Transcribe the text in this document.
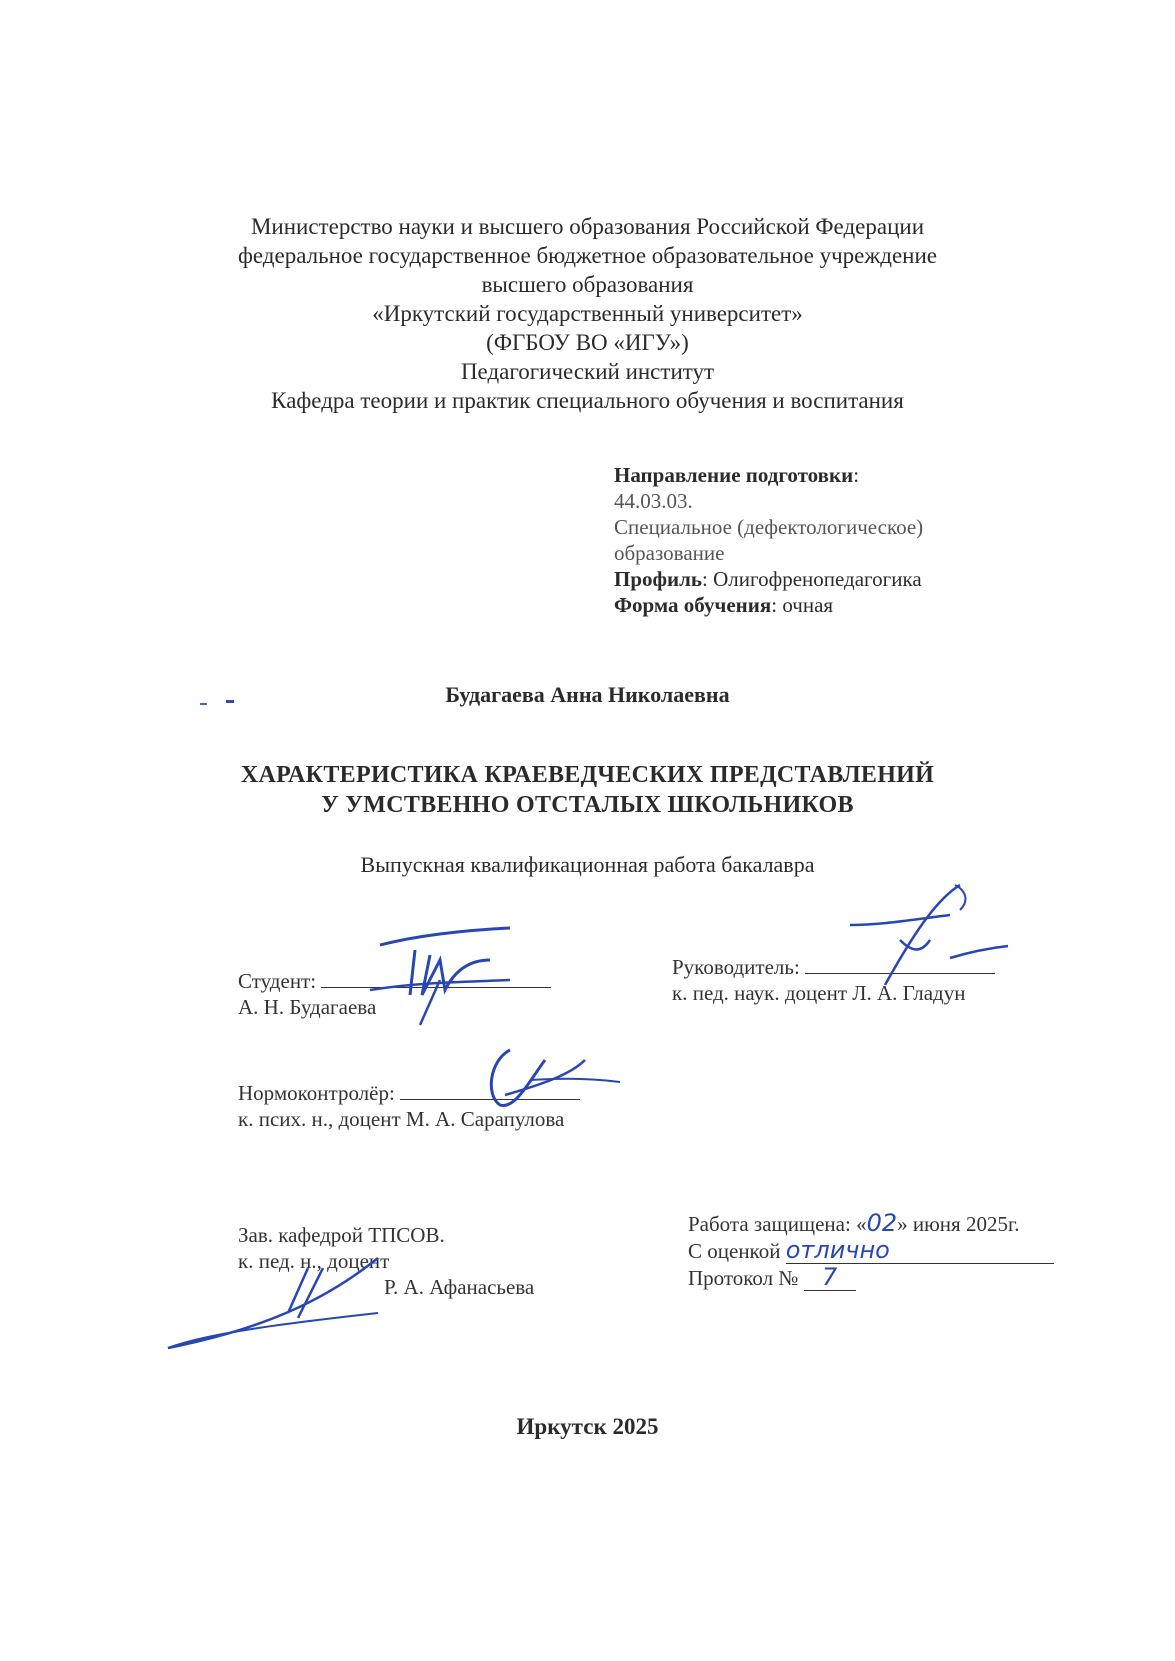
Министерство науки и высшего образования Российской Федерации
федеральное государственное бюджетное образовательное учреждение
высшего образования
«Иркутский государственный университет»
(ФГБОУ ВО «ИГУ»)
Педагогический институт
Кафедра теории и практик специального обучения и воспитания
Направление подготовки:
44.03.03.
Специальное (дефектологическое)
образование
Профиль: Олигофренопедагогика
Форма обучения: очная
Будагаева Анна Николаевна
ХАРАКТЕРИСТИКА КРАЕВЕДЧЕСКИХ ПРЕДСТАВЛЕНИЙ
У УМСТВЕННО ОТСТАЛЫХ ШКОЛЬНИКОВ
Выпускная квалификационная работа бакалавра
Студент:
А. Н. Будагаева
Руководитель:
к. пед. наук. доцент Л. А. Гладун
Нормоконтролёр:
к. псих. н., доцент М. А. Сарапулова
Зав. кафедрой ТПСОВ.
к. пед. н., доцент
Р. А. Афанасьева
Работа защищена: «02» июня 2025г.
С оценкой отлично
Протокол № 7
Иркутск 2025
